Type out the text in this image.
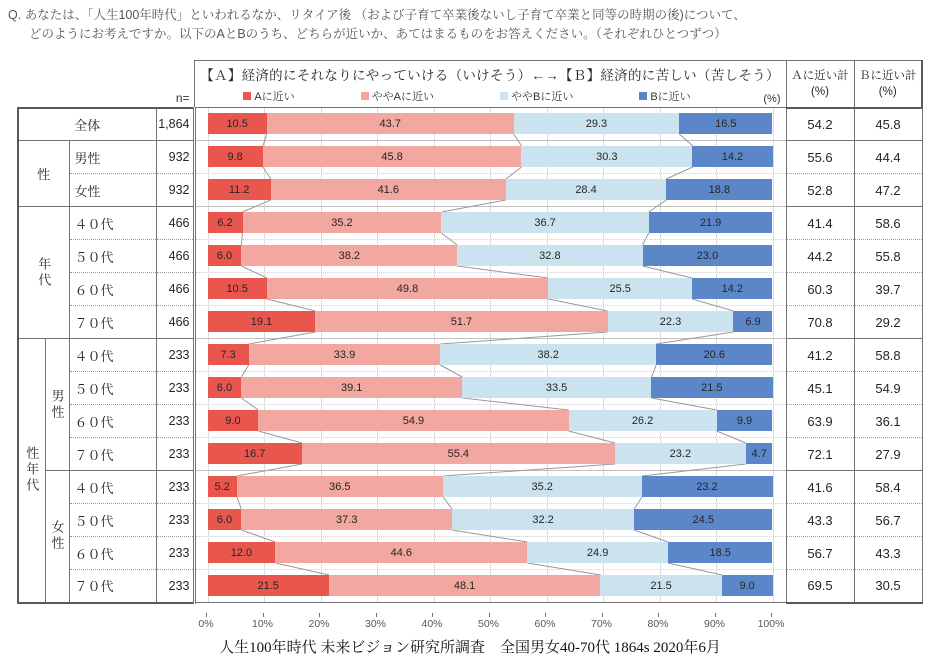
Q. あなたは、「人生100年時代」といわれるなか、リタイア後 （および子育て卒業後ないし子育て卒業と同等の時期の後)について、
どのようにお考えですか。以下のAとBのうち、どちらが近いか、あてはまるものをお答えください。（それぞれひとつずつ）
n=	
【Ａ】経済的にそれなりにやっていける（いけそう）←→【Ｂ】経済的に苦しい（苦しそう）
Aに近い	ややAに近い	ややBに近い	Bに近い	(%)

Ａに近い計
(%)

Ｂに近い計
(%)

全体			1,864	10.5 43.7 29.3 16.5	54.2	45.8
性		男性	932	9.8 45.8 30.3 14.2	55.6	44.4
		女性	932	11.2 41.6 28.4 18.8	52.8	47.2
年代		４０代	466	6.2 35.2 36.7 21.9	41.4	58.6
		５０代	466	6.0 38.2 32.8 23.0	44.2	55.8
		６０代	466	10.5 49.8 25.5 14.2	60.3	39.7
		７０代	466	19.1 51.7 22.3 6.9	70.8	29.2
性年代	男性	４０代	233	7.3 33.9 38.2 20.6	41.2	58.8
		５０代	233	6.0 39.1 33.5 21.5	45.1	54.9
		６０代	233	9.0 54.9 26.2 9.9	63.9	36.1
		７０代	233	16.7 55.4 23.2 4.7	72.1	27.9
	女性	４０代	233	5.2 36.5 35.2 23.2	41.6	58.4
		５０代	233	6.0 37.3 32.2 24.5	43.3	56.7
		６０代	233	12.0 44.6 24.9 18.5	56.7	43.3
		７０代	233	21.5 48.1 21.5 9.0	69.5	30.5

0%	10%	20%	30%	40%	50%	60%	70%	80%	90%	100%

人生100年時代 未来ビジョン研究所調査　全国男女40-70代 1864s 2020年6月
